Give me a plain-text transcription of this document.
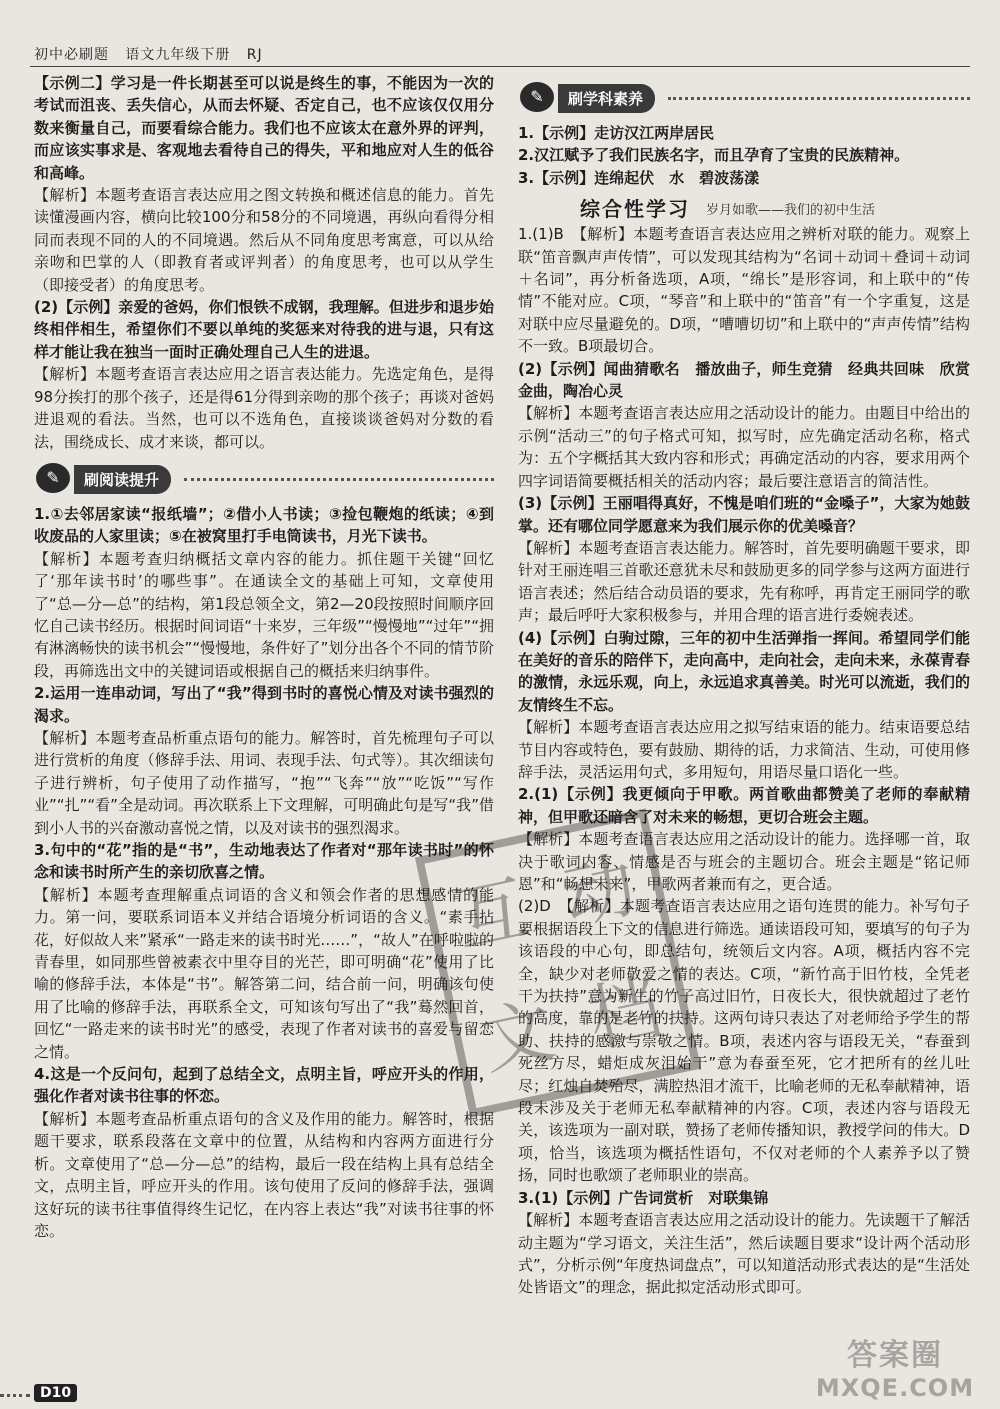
初中必刷题 语文九年级下册 RJ

【示例二】学习是一件长期甚至可以说是终生的事，不能因为一次的考试而沮丧、丢失信心，从而去怀疑、否定自己，也不应该仅仅用分数来衡量自己，而要看综合能力。我们也不应该太在意外界的评判，而应该实事求是、客观地去看待自己的得失，平和地应对人生的低谷和高峰。

【解析】本题考查语言表达应用之图文转换和概述信息的能力。首先读懂漫画内容，横向比较100分和58分的不同境遇，再纵向看得分相同而表现不同的人的不同境遇。然后从不同角度思考寓意，可以从给亲吻和巴掌的人（即教育者或评判者）的角度思考，也可以从学生（即接受者）的角度思考。

(2)【示例】亲爱的爸妈，你们恨铁不成钢，我理解。但进步和退步始终相伴相生，希望你们不要以单纯的奖惩来对待我的进与退，只有这样才能让我在独当一面时正确处理自己人生的进退。

【解析】本题考查语言表达应用之语言表达能力。先选定角色，是得98分挨打的那个孩子，还是得61分得到亲吻的那个孩子；再谈对爸妈进退观的看法。当然，也可以不选角色，直接谈谈爸妈对分数的看法，围绕成长、成才来谈，都可以。

✎	刷阅读提升

1.①去邻居家读“报纸墙”；②借小人书读；③捡包鞭炮的纸读；④到收废品的人家里读；⑤在被窝里打手电筒读书，月光下读书。

【解析】本题考查归纳概括文章内容的能力。抓住题干关键“回忆了‘那年读书时’的哪些事”。在通读全文的基础上可知，文章使用了“总—分—总”的结构，第1段总领全文，第2—20段按照时间顺序回忆自己读书经历。根据时间词语“十来岁，三年级”“慢慢地”“过年”“拥有淋漓畅快的读书机会”“慢慢地，条件好了”划分出各个不同的情节阶段，再筛选出文中的关键词语或根据自己的概括来归纳事件。

2.运用一连串动词，写出了“我”得到书时的喜悦心情及对读书强烈的渴求。

【解析】本题考查品析重点语句的能力。解答时，首先梳理句子可以进行赏析的角度（修辞手法、用词、表现手法、句式等）。其次细读句子进行辨析，句子使用了动作描写，“抱”“飞奔”“放”“吃饭”“写作业”“扎”“看”全是动词。再次联系上下文理解，可明确此句是写“我”借到小人书的兴奋激动喜悦之情，以及对读书的强烈渴求。

3.句中的“花”指的是“书”，生动地表达了作者对“那年读书时”的怀念和读书时所产生的亲切欣喜之情。

【解析】本题考查理解重点词语的含义和领会作者的思想感情的能力。第一问，要联系词语本义并结合语境分析词语的含义。“素手拈花，好似故人来”紧承“一路走来的读书时光……”，“故人”在呼啦啦的青春里，如同那些曾被素衣中里夺目的光芒，即可明确“花”使用了比喻的修辞手法，本体是“书”。解答第二问，结合前一问，明确该句使用了比喻的修辞手法，再联系全文，可知该句写出了“我”蓦然回首，回忆“一路走来的读书时光”的感受，表现了作者对读书的喜爱与留恋之情。

4.这是一个反问句，起到了总结全文，点明主旨，呼应开头的作用，强化作者对读书往事的怀恋。

【解析】本题考查品析重点语句的含义及作用的能力。解答时，根据题干要求，联系段落在文章中的位置，从结构和内容两方面进行分析。文章使用了“总—分—总”的结构，最后一段在结构上具有总结全文，点明主旨，呼应开头的作用。该句使用了反问的修辞手法，强调这好玩的读书往事值得终生记忆，在内容上表达“我”对读书往事的怀恋。

✎	刷学科素养

1.【示例】走访汉江两岸居民

2.汉江赋予了我们民族名字，而且孕育了宝贵的民族精神。

3.【示例】连绵起伏　水　碧波荡漾

综合性学习 岁月如歌——我们的初中生活

1.(1)B　【解析】本题考查语言表达应用之辨析对联的能力。观察上联“笛音飘声声传情”，可以发现其结构为“名词＋动词＋叠词＋动词＋名词”，再分析备选项，A项，“绵长”是形容词，和上联中的“传情”不能对应。C项，“琴音”和上联中的“笛音”有一个字重复，这是对联中应尽量避免的。D项，“嘈嘈切切”和上联中的“声声传情”结构不一致。B项最切合。

(2)【示例】闻曲猜歌名　播放曲子，师生竞猜　经典共回味　欣赏金曲，陶冶心灵

【解析】本题考查语言表达应用之活动设计的能力。由题目中给出的示例“活动三”的句子格式可知，拟写时，应先确定活动名称，格式为：五个字概括其大致内容和形式；再确定活动的内容，要求用两个四字词语简要概括相关的活动内容；最后要注意语言的简洁性。

(3)【示例】王丽唱得真好，不愧是咱们班的“金嗓子”，大家为她鼓掌。还有哪位同学愿意来为我们展示你的优美嗓音？

【解析】本题考查语言表达能力。解答时，首先要明确题干要求，即针对王丽连唱三首歌还意犹未尽和鼓励更多的同学参与这两方面进行语言表述；然后结合动员语的要求，先有称呼，再肯定王丽同学的歌声；最后呼吁大家积极参与，并用合理的语言进行委婉表述。

(4)【示例】白驹过隙，三年的初中生活弹指一挥间。希望同学们能在美好的音乐的陪伴下，走向高中，走向社会，走向未来，永葆青春的激情，永远乐观，向上，永远追求真善美。时光可以流逝，我们的友情终生不忘。

【解析】本题考查语言表达应用之拟写结束语的能力。结束语要总结节目内容或特色，要有鼓励、期待的话，力求简洁、生动，可使用修辞手法，灵活运用句式，多用短句，用语尽量口语化一些。

2.(1)【示例】我更倾向于甲歌。两首歌曲都赞美了老师的奉献精神，但甲歌还暗含了对未来的畅想，更切合班会主题。

【解析】本题考查语言表达应用之活动设计的能力。选择哪一首，取决于歌词内容、情感是否与班会的主题切合。班会主题是“铭记师恩”和“畅想未来”，甲歌两者兼而有之，更合适。

(2)D　【解析】本题考查语言表达应用之语句连贯的能力。补写句子要根据语段上下文的信息进行筛选。通读语段可知，要填写的句子为该语段的中心句，即总结句，统领后文内容。A项，概括内容不完全，缺少对老师敬爱之情的表达。C项，“新竹高于旧竹枝，全凭老干为扶持”意为新生的竹子高过旧竹，日夜长大，很快就超过了老竹的高度，靠的是老竹的扶持。这两句诗只表达了对老师给予学生的帮助、扶持的感激与崇敬之情。B项，表述内容与语段无关，“春蚕到死丝方尽，蜡炬成灰泪始干”意为春蚕至死，它才把所有的丝儿吐尽；红烛自焚殆尽，满腔热泪才流干，比喻老师的无私奉献精神，语段未涉及关于老师无私奉献精神的内容。C项，表述内容与语段无关，该选项为一副对联，赞扬了老师传播知识，教授学问的伟大。D项，恰当，该选项为概括性语句，不仅对老师的个人素养予以了赞扬，同时也歌颂了老师职业的崇高。

3.(1)【示例】广告词赏析　对联集锦

【解析】本题考查语言表达应用之活动设计的能力。先读题干了解活动主题为“学习语文，关注生活”，然后读题目要求“设计两个活动形式”，分析示例“年度热词盘点”，可以知道活动形式表达的是“生活处处皆语文”的理念，据此拟定活动形式即可。

D10
互 动
文 档
答案圈
MXQE.COM
